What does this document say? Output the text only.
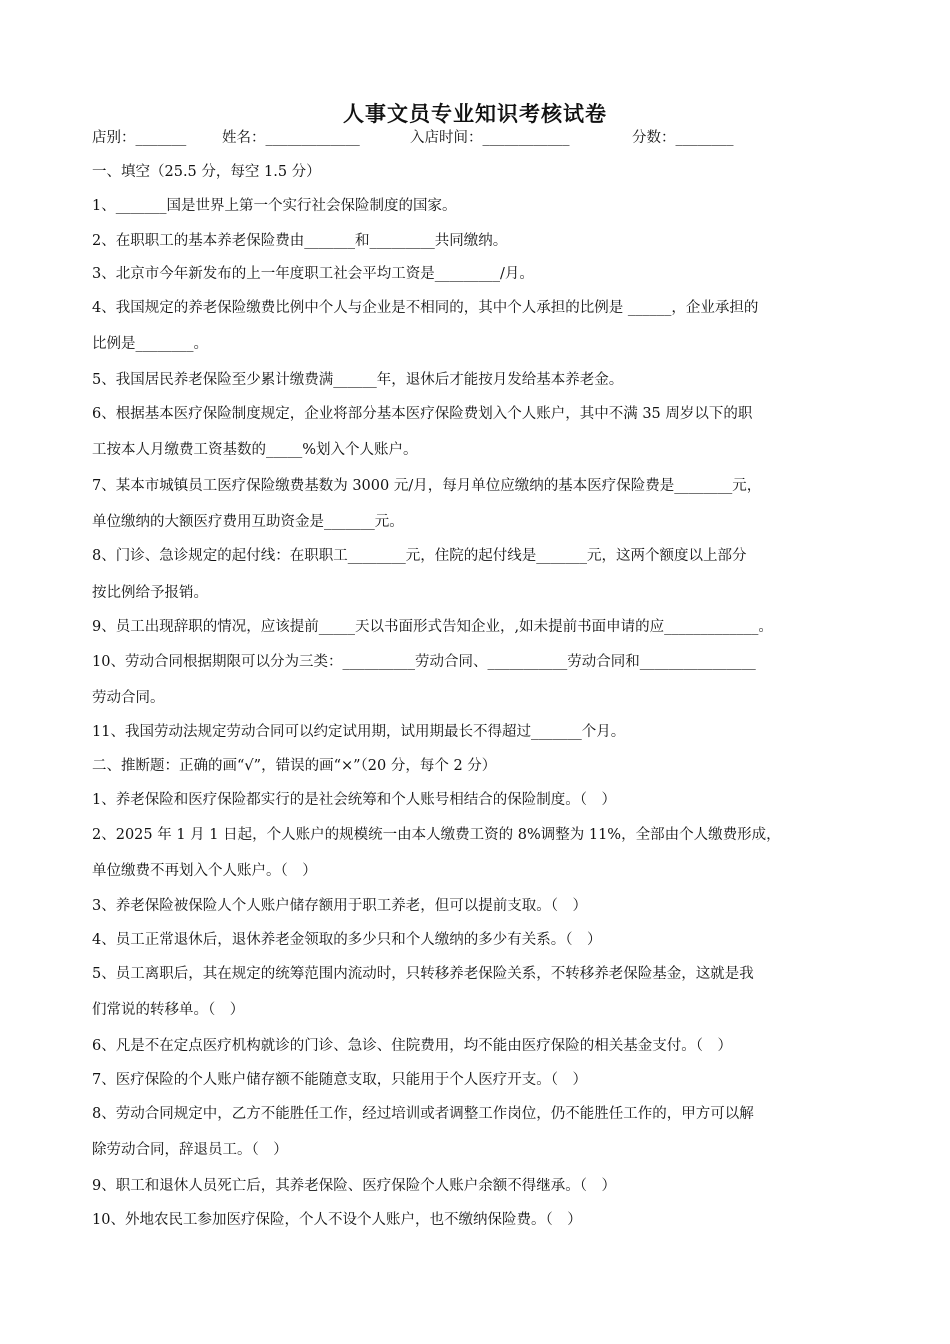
人事文员专业知识考核试卷
店别：_______ 姓名：_____________	入店时间：____________	分数：________
一、填空（25.5 分，每空 1.5 分）
1、_______国是世界上第一个实行社会保险制度的国家。
2、在职职工的基本养老保险费由_______和_________共同缴纳。
3、北京市今年新发布的上一年度职工社会平均工资是_________/月。
4、我国规定的养老保险缴费比例中个人与企业是不相同的，其中个人承担的比例是 ______，企业承担的
比例是________。
5、我国居民养老保险至少累计缴费满______年，退休后才能按月发给基本养老金。
6、根据基本医疗保险制度规定，企业将部分基本医疗保险费划入个人账户，其中不满 35 周岁以下的职
工按本人月缴费工资基数的_____%划入个人账户。
7、某本市城镇员工医疗保险缴费基数为 3000 元/月，每月单位应缴纳的基本医疗保险费是________元，
单位缴纳的大额医疗费用互助资金是_______元。
8、门诊、急诊规定的起付线：在职职工________元，住院的起付线是_______元，这两个额度以上部分
按比例给予报销。
9、员工出现辞职的情况，应该提前_____天以书面形式告知企业，,如未提前书面申请的应_____________。
10、劳动合同根据期限可以分为三类：__________劳动合同、___________劳动合同和________________
劳动合同。
11、我国劳动法规定劳动合同可以约定试用期，试用期最长不得超过_______个月。
二、推断题：正确的画“√”，错误的画“×”（20 分，每个 2 分）
1、养老保险和医疗保险都实行的是社会统筹和个人账号相结合的保险制度。（　）
2、2025 年 1 月 1 日起，个人账户的规模统一由本人缴费工资的 8%调整为 11%，全部由个人缴费形成，
单位缴费不再划入个人账户。（　）
3、养老保险被保险人个人账户储存额用于职工养老，但可以提前支取。（　）
4、员工正常退休后，退休养老金领取的多少只和个人缴纳的多少有关系。（　）
5、员工离职后，其在规定的统筹范围内流动时，只转移养老保险关系，不转移养老保险基金，这就是我
们常说的转移单。（　）
6、凡是不在定点医疗机构就诊的门诊、急诊、住院费用，均不能由医疗保险的相关基金支付。（　）
7、医疗保险的个人账户储存额不能随意支取，只能用于个人医疗开支。（　）
8、劳动合同规定中，乙方不能胜任工作，经过培训或者调整工作岗位，仍不能胜任工作的，甲方可以解
除劳动合同，辞退员工。（　）
9、职工和退休人员死亡后，其养老保险、医疗保险个人账户余额不得继承。（　）
10、外地农民工参加医疗保险，个人不设个人账户，也不缴纳保险费。（　）
